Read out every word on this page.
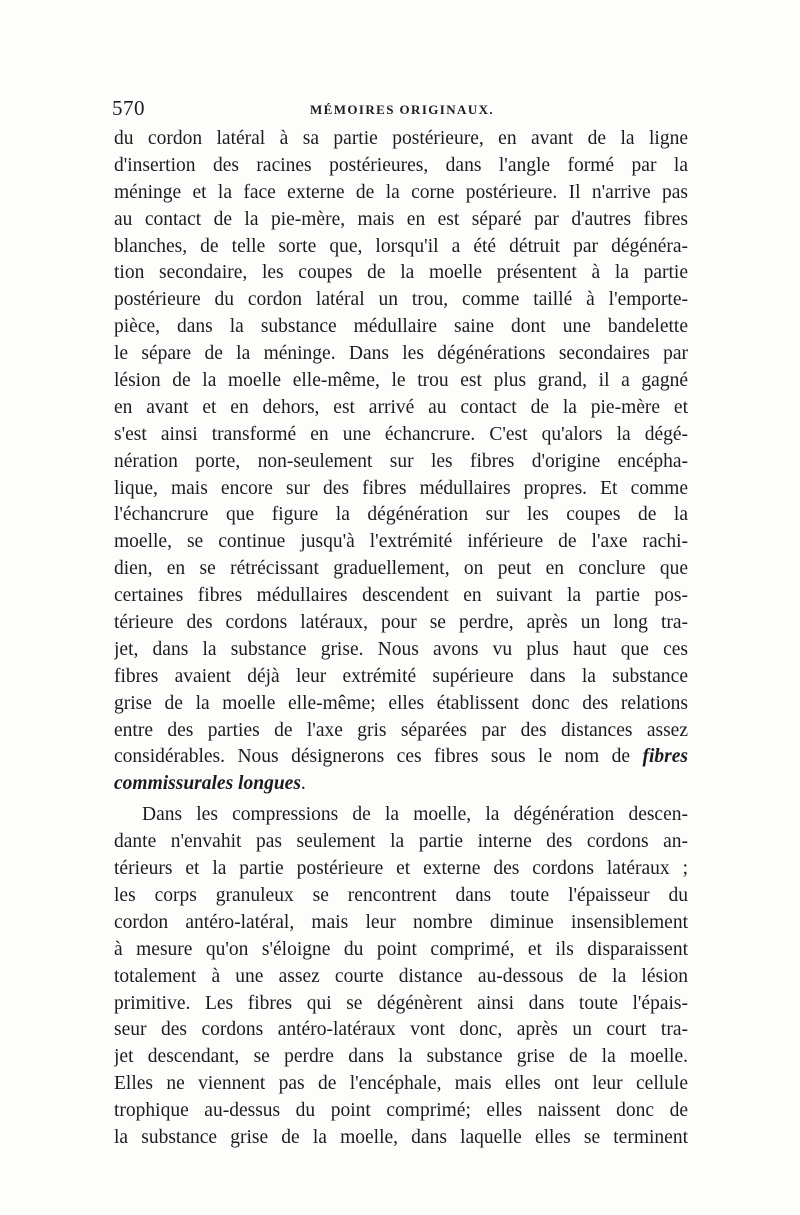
570	MÉMOIRES ORIGINAUX.
du cordon latéral à sa partie postérieure, en avant de la ligne
d'insertion des racines postérieures, dans l'angle formé par la
méninge et la face externe de la corne postérieure. Il n'arrive pas
au contact de la pie-mère, mais en est séparé par d'autres fibres
blanches, de telle sorte que, lorsqu'il a été détruit par dégénéra-
tion secondaire, les coupes de la moelle présentent à la partie
postérieure du cordon latéral un trou, comme taillé à l'emporte-
pièce, dans la substance médullaire saine dont une bandelette
le sépare de la méninge. Dans les dégénérations secondaires par
lésion de la moelle elle-même, le trou est plus grand, il a gagné
en avant et en dehors, est arrivé au contact de la pie-mère et
s'est ainsi transformé en une échancrure. C'est qu'alors la dégé-
nération porte, non-seulement sur les fibres d'origine encépha-
lique, mais encore sur des fibres médullaires propres. Et comme
l'échancrure que figure la dégénération sur les coupes de la
moelle, se continue jusqu'à l'extrémité inférieure de l'axe rachi-
dien, en se rétrécissant graduellement, on peut en conclure que
certaines fibres médullaires descendent en suivant la partie pos-
térieure des cordons latéraux, pour se perdre, après un long tra-
jet, dans la substance grise. Nous avons vu plus haut que ces
fibres avaient déjà leur extrémité supérieure dans la substance
grise de la moelle elle-même; elles établissent donc des relations
entre des parties de l'axe gris séparées par des distances assez
considérables. Nous désignerons ces fibres sous le nom de fibres
commissurales longues.
Dans les compressions de la moelle, la dégénération descen-
dante n'envahit pas seulement la partie interne des cordons an-
térieurs et la partie postérieure et externe des cordons latéraux ;
les corps granuleux se rencontrent dans toute l'épaisseur du
cordon antéro-latéral, mais leur nombre diminue insensiblement
à mesure qu'on s'éloigne du point comprimé, et ils disparaissent
totalement à une assez courte distance au-dessous de la lésion
primitive. Les fibres qui se dégénèrent ainsi dans toute l'épais-
seur des cordons antéro-latéraux vont donc, après un court tra-
jet descendant, se perdre dans la substance grise de la moelle.
Elles ne viennent pas de l'encéphale, mais elles ont leur cellule
trophique au-dessus du point comprimé; elles naissent donc de
la substance grise de la moelle, dans laquelle elles se terminent
